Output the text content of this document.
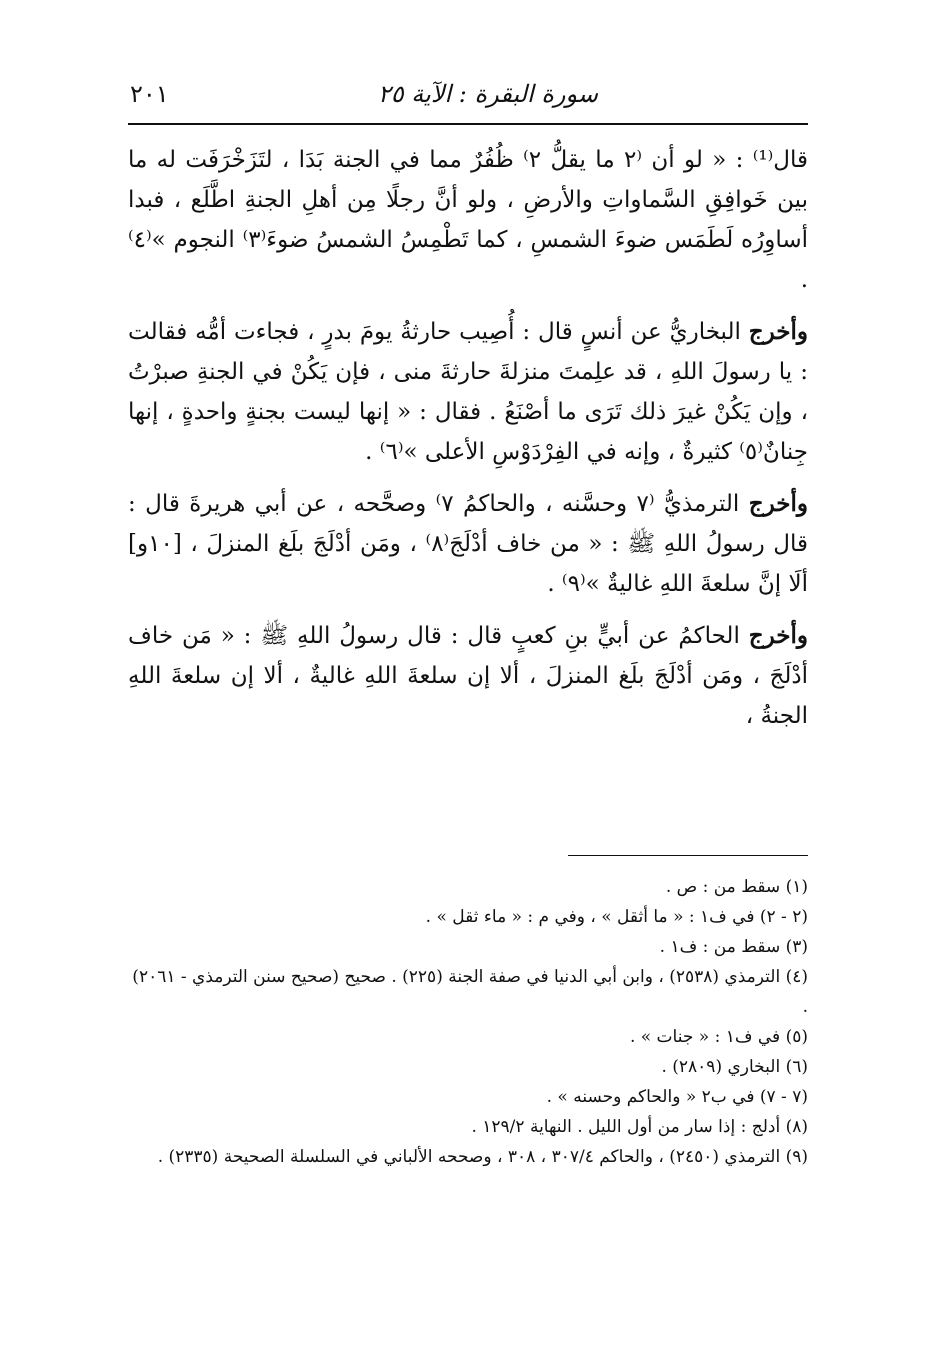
سورة البقرة : الآية ٢٥
٢٠١

قال⁽¹⁾ : « لو أن ⁽٢ ما يقلُّ ٢⁾ ظُفُرٌ مما في الجنة بَدَا ، لتَزَخْرَفَت له ما بين خَوافِقِ السَّماواتِ والأرضِ ، ولو أنَّ رجلًا مِن أهلِ الجنةِ اطَّلَع ، فبدا أساوِرُه لَطَمَس ضوءَ الشمسِ ، كما تَطْمِسُ الشمسُ ضوءَ⁽٣⁾ النجوم »⁽٤⁾ .

وأخرج البخاريُّ عن أنسٍ قال : أُصِيب حارثةُ يومَ بدرٍ ، فجاءت أمُّه فقالت : يا رسولَ اللهِ ، قد علِمتَ منزلةَ حارثةَ منى ، فإن يَكُنْ في الجنةِ صبرْتُ ، وإن يَكُنْ غيرَ ذلك تَرَى ما أصْنَعُ . فقال : « إنها ليست بجنةٍ واحدةٍ ، إنها جِنانٌ⁽٥⁾ كثيرةٌ ، وإنه في الفِرْدَوْسِ الأعلى »⁽٦⁾ .

وأخرج الترمذيُّ ⁽٧ وحسَّنه ، والحاكمُ ٧⁾ وصحَّحه ، عن أبي هريرةَ قال : قال رسولُ اللهِ ﷺ : « من خاف أدْلَجَ⁽٨⁾ ، ومَن أدْلَجَ بلَغ المنزلَ ، [١٠و] ألَا إنَّ سلعةَ اللهِ غاليةٌ »⁽٩⁾ .

وأخرج الحاكمُ عن أبيٍّ بنِ كعبٍ قال : قال رسولُ اللهِ ﷺ : « مَن خاف أدْلَجَ ، ومَن أدْلَجَ بلَغ المنزلَ ، ألا إن سلعةَ اللهِ غاليةٌ ، ألا إن سلعةَ اللهِ الجنةُ ،

(١) سقط من : ص .

(٢ - ٢) في ف١ : « ما أثقل » ، وفي م : « ماء ثقل » .

(٣) سقط من : ف١ .

(٤) الترمذي (٢٥٣٨) ، وابن أبي الدنيا في صفة الجنة (٢٢٥) . صحيح (صحيح سنن الترمذي - ٢٠٦١) .

(٥) في ف١ : « جنات » .

(٦) البخاري (٢٨٠٩) .

(٧ - ٧) في ب٢ « والحاكم وحسنه » .

(٨) أدلج : إذا سار من أول الليل . النهاية ١٢٩/٢ .

(٩) الترمذي (٢٤٥٠) ، والحاكم ٣٠٧/٤ ، ٣٠٨ ، وصححه الألباني في السلسلة الصحيحة (٢٣٣٥) .
